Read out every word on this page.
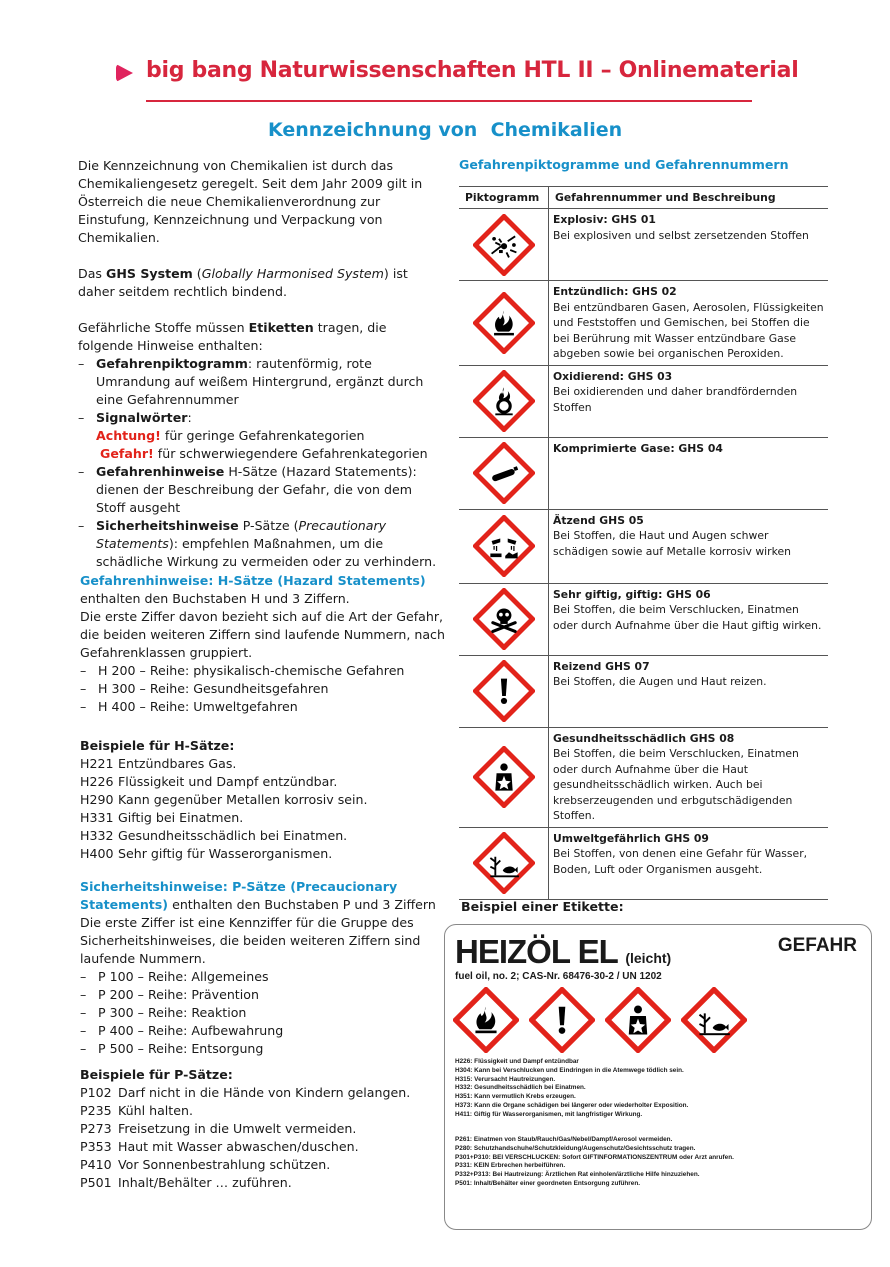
big bang Naturwissenschaften HTL II – Onlinematerial
Kennzeichnung von  Chemikalien

Die Kennzeichnung von Chemikalien ist durch das Chemikaliengesetz geregelt. Seit dem Jahr 2009 gilt in Österreich die neue Chemikalienverordnung zur Einstufung, Kennzeichnung und Verpackung von Chemikalien.

Das GHS System (Globally Harmonised System) ist daher seitdem rechtlich bindend.

Gefährliche Stoffe müssen Etiketten tragen, die folgende Hinweise enthalten:

– Gefahrenpiktogramm: rautenförmig, rote Umrandung auf weißem Hintergrund, ergänzt durch eine Gefahrennummer
– Signalwörter:
Achtung! für geringe Gefahrenkategorien
Gefahr! für schwerwiegendere Gefahrenkategorien
– Gefahrenhinweise H-Sätze (Hazard Statements): dienen der Beschreibung der Gefahr, die von dem Stoff ausgeht
– Sicherheitshinweise P-Sätze (Precautionary Statements): empfehlen Maßnahmen, um die schädliche Wirkung zu vermeiden oder zu verhindern.
Gefahrenhinweise: H-Sätze (Hazard Statements)

enthalten den Buchstaben H und 3 Ziffern.

Die erste Ziffer davon bezieht sich auf die Art der Gefahr, die beiden weiteren Ziffern sind laufende Nummern, nach Gefahrenklassen gruppiert.

– H 200 – Reihe: physikalisch-chemische Gefahren
– H 300 – Reihe: Gesundheitsgefahren
– H 400 – Reihe: Umweltgefahren
Beispiele für H-Sätze:
H221 Entzündbares Gas.
H226 Flüssigkeit und Dampf entzündbar.
H290 Kann gegenüber Metallen korrosiv sein.
H331 Giftig bei Einatmen.
H332 Gesundheitsschädlich bei Einatmen.
H400 Sehr giftig für Wasserorganismen.
Sicherheitshinweise: P-Sätze (Precaucionary

Statements) enthalten den Buchstaben P und 3 Ziffern

Die erste Ziffer ist eine Kennziffer für die Gruppe des Sicherheitshinweises, die beiden weiteren Ziffern sind laufende Nummern.

– P 100 – Reihe: Allgemeines
– P 200 – Reihe: Prävention
– P 300 – Reihe: Reaktion
– P 400 – Reihe: Aufbewahrung
– P 500 – Reihe: Entsorgung
Beispiele für P-Sätze:
P102 Darf nicht in die Hände von Kindern gelangen.
P235 Kühl halten.
P273 Freisetzung in die Umwelt vermeiden.
P353 Haut mit Wasser abwaschen/duschen.
P410 Vor Sonnenbestrahlung schützen.
P501 Inhalt/Behälter … zuführen.
Gefahrenpiktogramme und Gefahrennummern
Piktogramm	Gefahrennummer und Beschreibung

Explosiv: GHS 01
Bei explosiven und selbst zersetzenden Stoffen

Entzündlich: GHS 02
Bei entzündbaren Gasen, Aerosolen, Flüssigkeiten und Feststoffen und Gemischen, bei Stoffen die bei Berührung mit Wasser entzündbare Gase abgeben sowie bei organischen Peroxiden.

Oxidierend: GHS 03
Bei oxidierenden und daher brandfördernden Stoffen

Komprimierte Gase: GHS 04

Ätzend GHS 05
Bei Stoffen, die Haut und Augen schwer schädigen sowie auf Metalle korrosiv wirken

Sehr giftig, giftig: GHS 06
Bei Stoffen, die beim Verschlucken, Einatmen oder durch Aufnahme über die Haut giftig wirken.

Reizend GHS 07
Bei Stoffen, die Augen und Haut reizen.

Gesundheitsschädlich GHS 08
Bei Stoffen, die beim Verschlucken, Einatmen oder durch Aufnahme über die Haut gesundheitsschädlich wirken. Auch bei krebserzeugenden und erbgutschädigenden Stoffen.

Umweltgefährlich GHS 09
Bei Stoffen, von denen eine Gefahr für Wasser, Boden, Luft oder Organismen ausgeht.
Beispiel einer Etikette:
HEIZÖL EL (leicht)
GEFAHR
fuel oil, no. 2; CAS-Nr. 68476-30-2 / UN 1202
H226: Flüssigkeit und Dampf entzündbar
H304: Kann bei Verschlucken und Eindringen in die Atemwege tödlich sein.
H315: Verursacht Hautreizungen.
H332: Gesundheitsschädlich bei Einatmen.
H351: Kann vermutlich Krebs erzeugen.
H373: Kann die Organe schädigen bei längerer oder wiederholter Exposition.
H411: Giftig für Wasserorganismen, mit langfristiger Wirkung.
P261: Einatmen von Staub/Rauch/Gas/Nebel/Dampf/Aerosol vermeiden.
P280: Schutzhandschuhe/Schutzkleidung/Augenschutz/Gesichtsschutz tragen.
P301+P310: BEI VERSCHLUCKEN: Sofort GIFTINFORMATIONSZENTRUM oder Arzt anrufen.
P331: KEIN Erbrechen herbeiführen.
P332+P313: Bei Hautreizung: Ärztlichen Rat einholen/ärztliche Hilfe hinzuziehen.
P501: Inhalt/Behälter einer geordneten Entsorgung zuführen.
